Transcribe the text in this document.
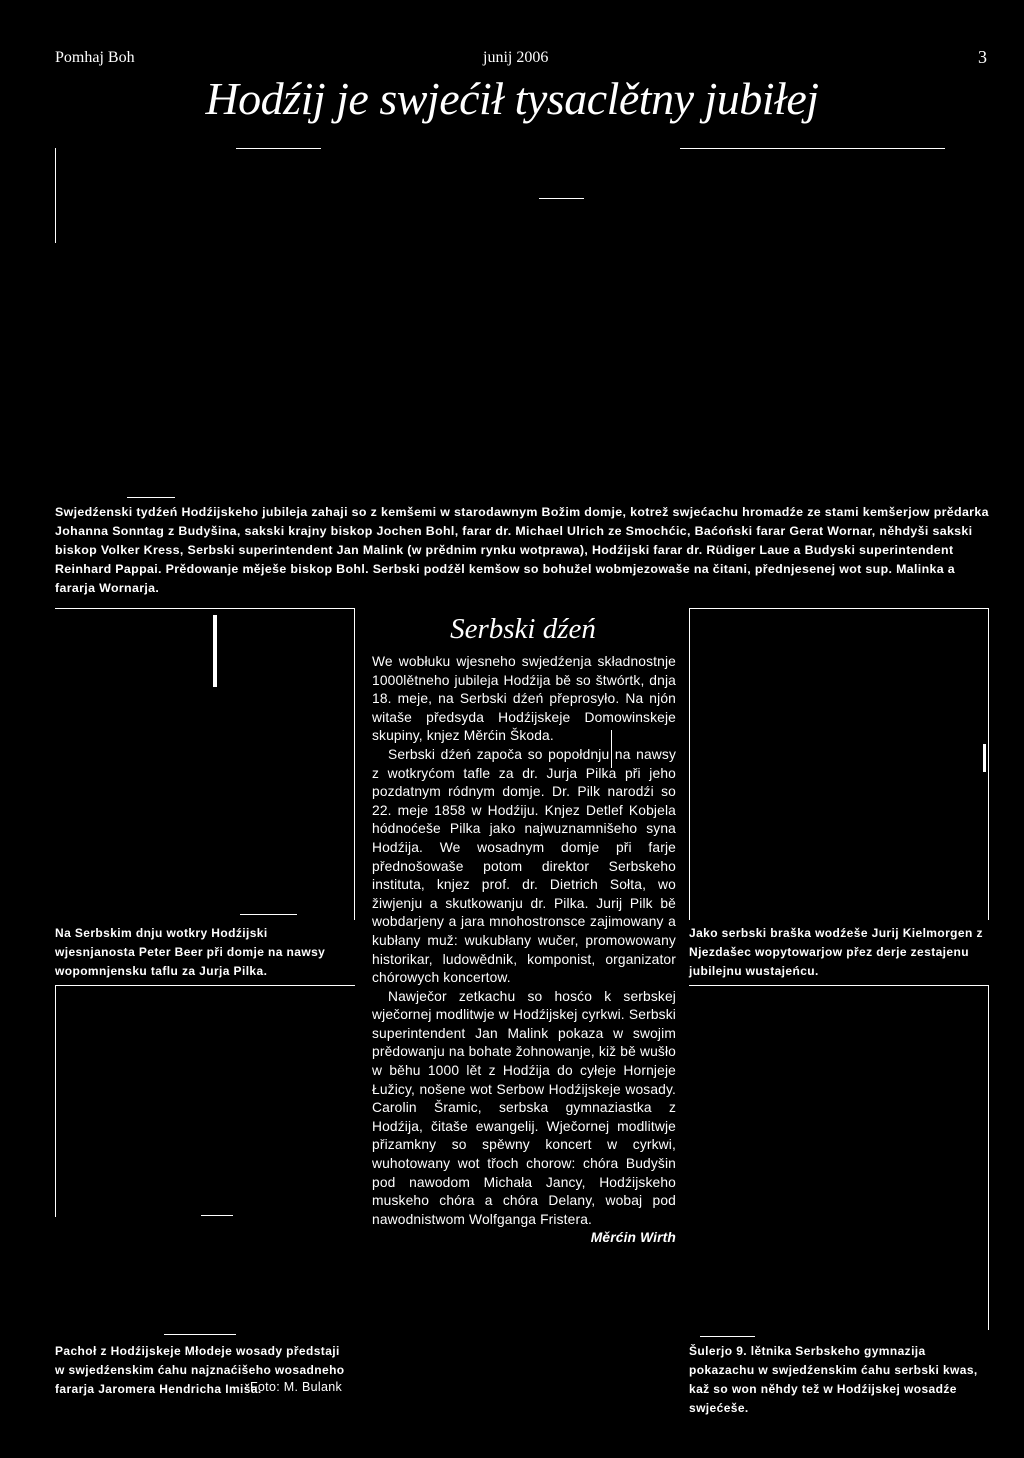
Pomhaj Boh	junij 2006	3
Hodźij je swjećił tysaclětny jubiłej
Swjedźenski tydźeń Hodźijskeho jubileja zahaji so z kemšemi w starodawnym Božim domje, kotrež swjećachu hromadźe ze stami kemšerjow prědarka Johanna Sonntag z Budyšina, sakski krajny biskop Jochen Bohl, farar dr. Michael Ulrich ze Smochćic, Baćoński farar Gerat Wornar, něhdyši sakski biskop Volker Kress, Serbski superintendent Jan Malink (w prědnim rynku wotprawa), Hodźijski farar dr. Rüdiger Laue a Budyski superintendent Reinhard Pappai. Prědowanje měješe biskop Bohl. Serbski podźěl kemšow so bohužel wobmjezowaše na čitani, přednjesenej wot sup. Malinka a fararja Wornarja.
Na Serbskim dnju wotkry Hodźijski wjesnjanosta Peter Beer při domje na nawsy wopomnjensku taflu za Jurja Pilka.
Pachoł z Hodźijskeje Młodeje wosady předstaji w swjedźenskim ćahu najznaćišeho wosadneho fararja Jaromera Hendricha Imiša.
Foto: M. Bulank
Serbski dźeń

We wobłuku wjesneho swjedźenja składnostnje 1000lětneho jubileja Hodźija bě so štwórtk, dnja 18. meje, na Serbski dźeń přeprosyło. Na njón witaše předsyda Hodźijskeje Domowinskeje skupiny, knjez Měrćin Škoda.

Serbski dźeń započa so popołdnju na nawsy z wotkryćom tafle za dr. Jurja Pilka při jeho pozdatnym ródnym domje. Dr. Pilk narodźi so 22. meje 1858 w Hodźiju. Knjez Detlef Kobjela hódnoćeše Pilka jako najwuznamnišeho syna Hodźija. We wosadnym domje při farje přednošowaše potom direktor Serbskeho instituta, knjez prof. dr. Dietrich Sołta, wo žiwjenju a skutkowanju dr. Pilka. Jurij Pilk bě wobdarjeny a jara mnohostronsce zajimowany a kubłany muž: wukubłany wučer, promowowany historikar, ludowědnik, komponist, organizator chórowych koncertow.

Nawječor zetkachu so hosćo k serbskej wječornej modlitwje w Hodźijskej cyrkwi. Serbski superintendent Jan Malink pokaza w swojim prědowanju na bohate žohnowanje, kiž bě wušło w běhu 1000 lět z Hodźija do cyłeje Hornjeje Łužicy, nošene wot Serbow Hodźijskeje wosady. Carolin Šramic, serbska gymnaziastka z Hodźija, čitaše ewangelij. Wječornej modlitwje přizamkny so spěwny koncert w cyrkwi, wuhotowany wot třoch chorow: chóra Budyšin pod nawodom Michała Jancy, Hodźijskeho muskeho chóra a chóra Delany, wobaj pod nawodnistwom Wolfganga Fristera.

Měrćin Wirth

Jako serbski braška wodźeše Jurij Kielmorgen z Njezdašec wopytowarjow přez derje zestajenu jubilejnu wustajeńcu.
Šulerjo 9. lětnika Serbskeho gymnazija pokazachu w swjedźenskim ćahu serbski kwas, kaž so won něhdy tež w Hodźijskej wosadźe swjećeše.
